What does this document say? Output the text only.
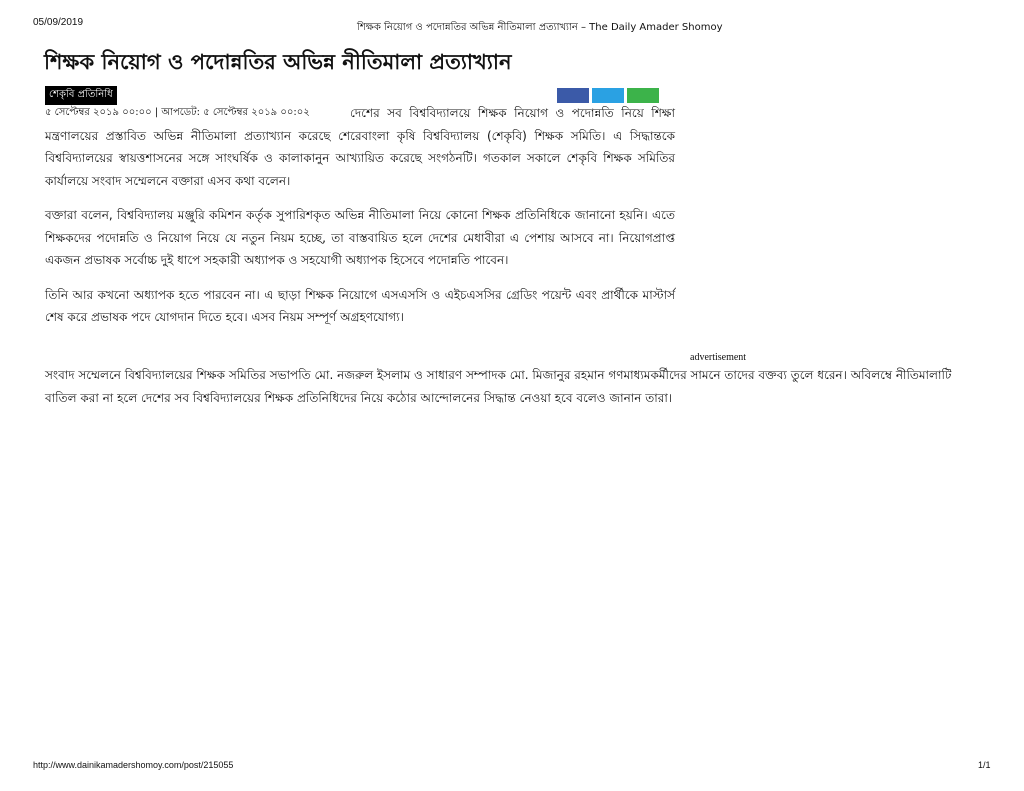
05/09/2019	শিক্ষক নিয়োগ ও পদোন্নতির অভিন্ন নীতিমালা প্রত্যাখ্যান – The Daily Amader Shomoy
শিক্ষক নিয়োগ ও পদোন্নতির অভিন্ন নীতিমালা প্রত্যাখ্যান
শেকৃবি প্রতিনিধি
৫ সেপ্টেম্বর ২০১৯ ০০:০০ | আপডেট: ৫ সেপ্টেম্বর ২০১৯ ০০:০২	দেশের সব বিশ্ববিদ্যালয়ে শিক্ষক নিয়োগ ও পদোন্নতি নিয়ে শিক্ষা মন্ত্রণালয়ের প্রস্তাবিত অভিন্ন নীতিমালা প্রত্যাখ্যান করেছে শেরেবাংলা কৃষি বিশ্ববিদ্যালয় (শেকৃবি) শিক্ষক সমিতি। এ সিদ্ধান্তকে বিশ্ববিদ্যালয়ের স্বায়ত্তশাসনের সঙ্গে সাংঘর্ষিক ও কালাকানুন আখ্যায়িত করেছে সংগঠনটি। গতকাল সকালে শেকৃবি শিক্ষক সমিতির কার্যালয়ে সংবাদ সম্মেলনে বক্তারা এসব কথা বলেন।

বক্তারা বলেন, বিশ্ববিদ্যালয় মঞ্জুরি কমিশন কর্তৃক সুপারিশকৃত অভিন্ন নীতিমালা নিয়ে কোনো শিক্ষক প্রতিনিধিকে জানানো হয়নি। এতে শিক্ষকদের পদোন্নতি ও নিয়োগ নিয়ে যে নতুন নিয়ম হচ্ছে, তা বাস্তবায়িত হলে দেশের মেধাবীরা এ পেশায় আসবে না। নিয়োগপ্রাপ্ত একজন প্রভাষক সর্বোচ্চ দুই ধাপে সহকারী অধ্যাপক ও সহযোগী অধ্যাপক হিসেবে পদোন্নতি পাবেন।

তিনি আর কখনো অধ্যাপক হতে পারবেন না। এ ছাড়া শিক্ষক নিয়োগে এসএসসি ও এইচএসসির গ্রেডিং পয়েন্ট এবং প্রার্থীকে মাস্টার্স শেষ করে প্রভাষক পদে যোগদান দিতে হবে। এসব নিয়ম সম্পূর্ণ অগ্রহণযোগ্য।

advertisement

সংবাদ সম্মেলনে বিশ্ববিদ্যালয়ের শিক্ষক সমিতির সভাপতি মো. নজরুল ইসলাম ও সাধারণ সম্পাদক মো. মিজানুর রহমান গণমাধ্যমকর্মীদের সামনে তাদের বক্তব্য তুলে ধরেন। অবিলম্বে নীতিমালাটি বাতিল করা না হলে দেশের সব বিশ্ববিদ্যালয়ের শিক্ষক প্রতিনিধিদের নিয়ে কঠোর আন্দোলনের সিদ্ধান্ত নেওয়া হবে বলেও জানান তারা।

http://www.dainikamadershomoy.com/post/215055	1/1
